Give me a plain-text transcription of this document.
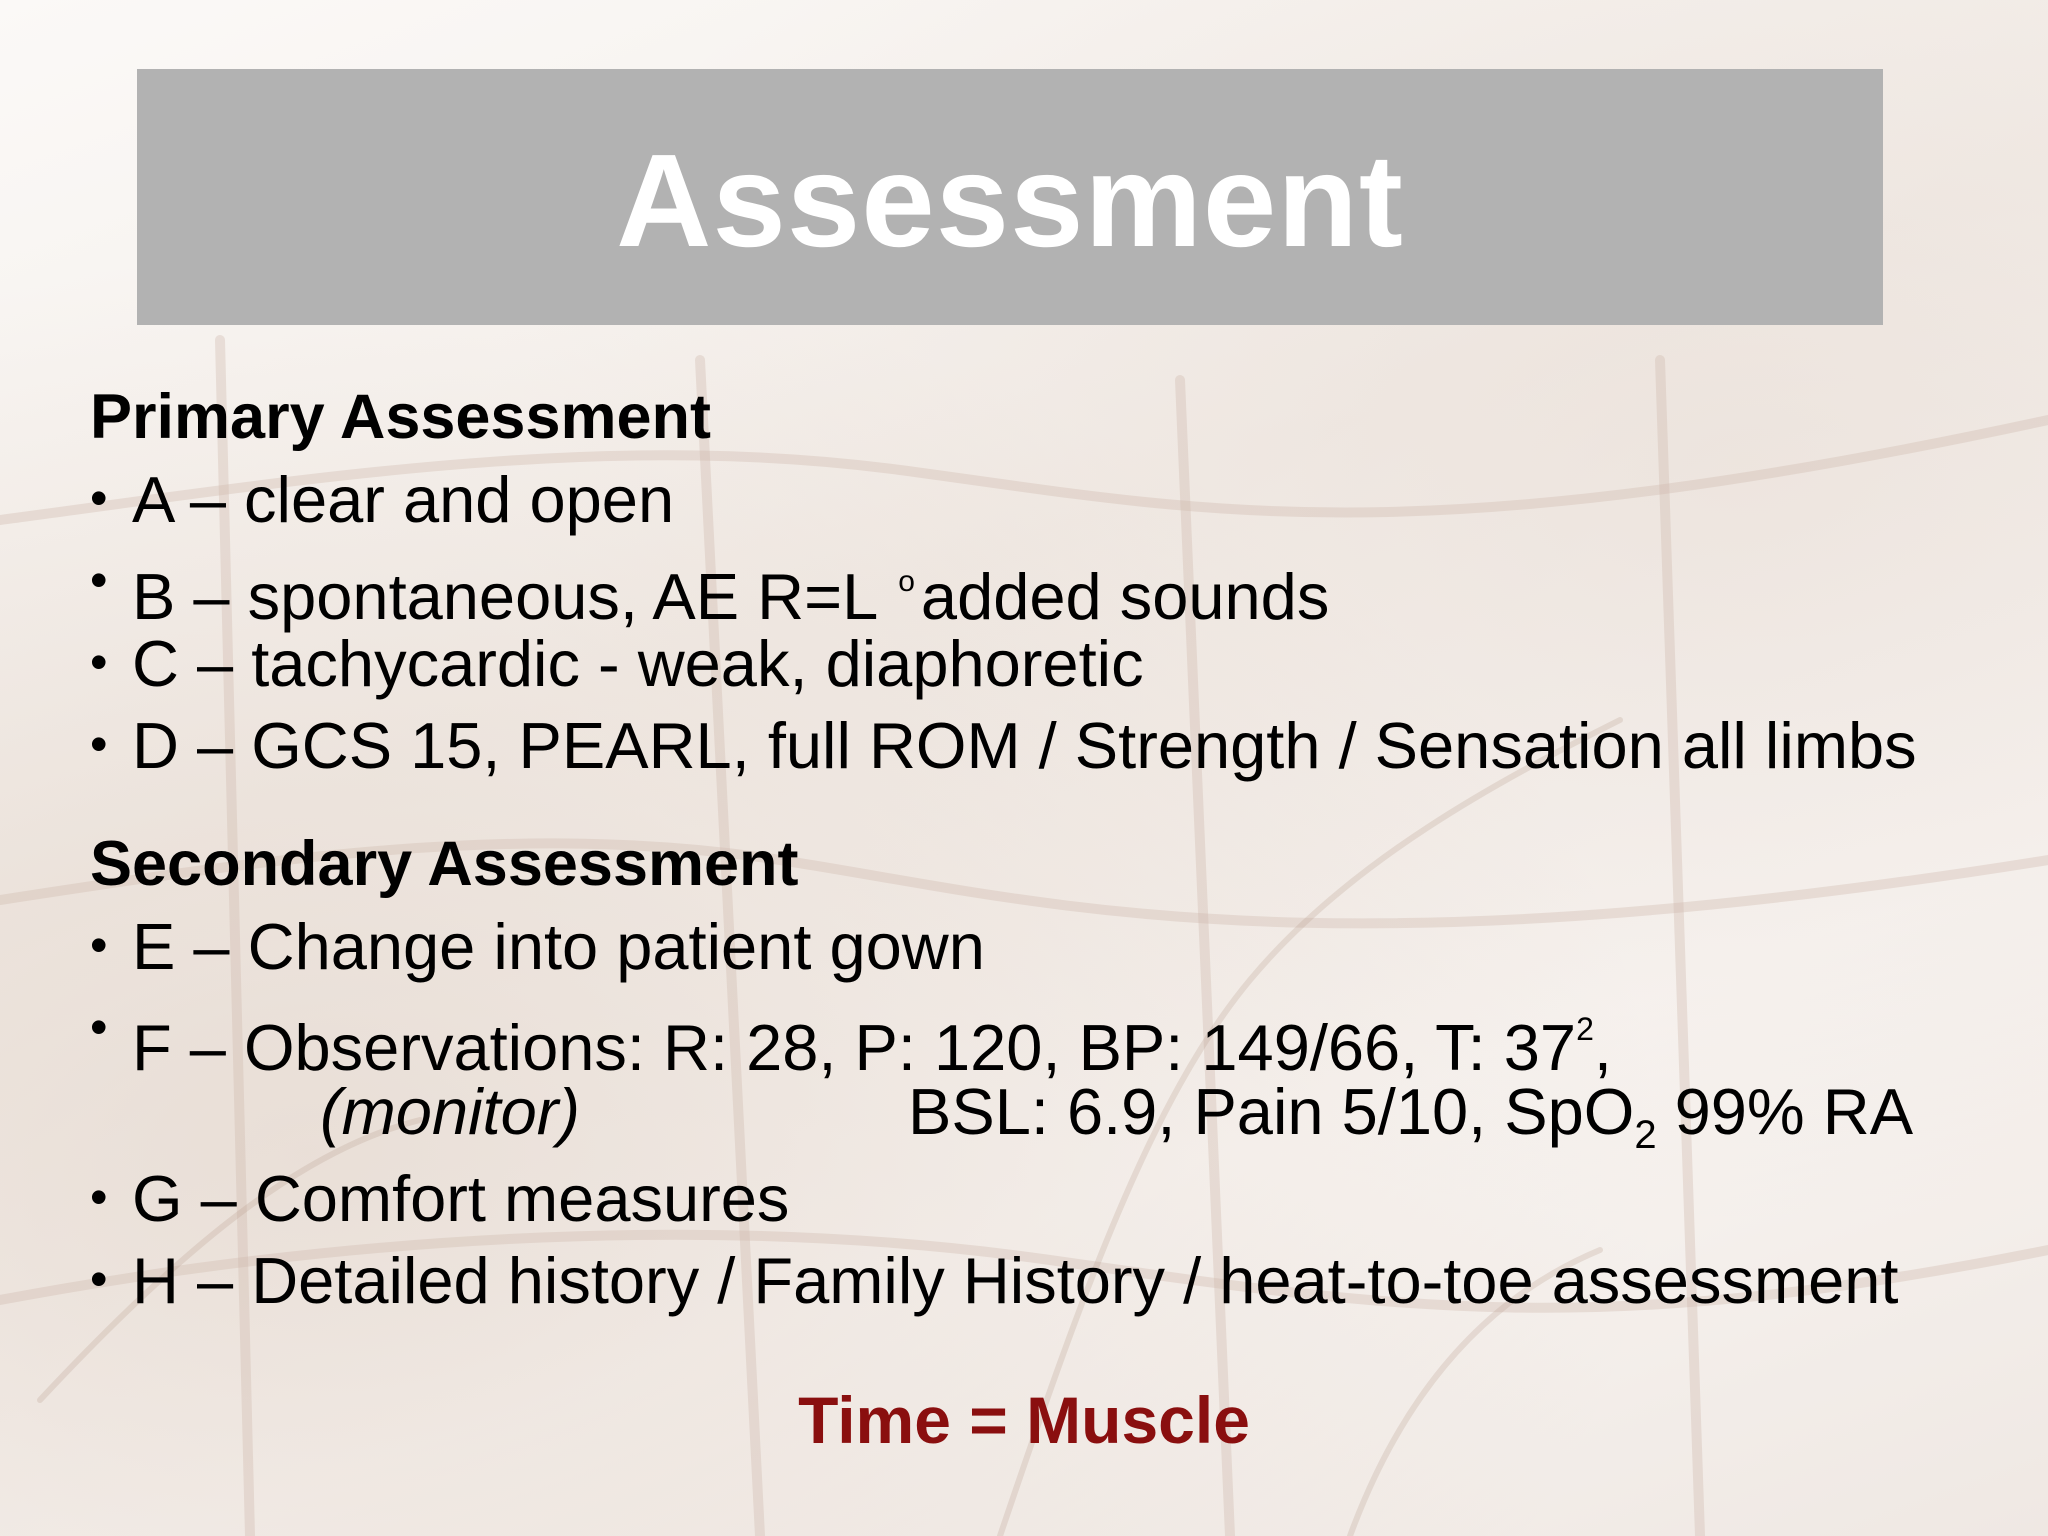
Assessment
Primary Assessment
• A – clear and open
• B – spontaneous, AE R=L $^o$added sounds
• C – tachycardic - weak, diaphoretic
• D – GCS 15, PEARL, full ROM / Strength / Sensation all limbs
Secondary Assessment
• E – Change into patient gown
• F – Observations: R: 28, P: 120, BP: 149/66, T: $37^2$,
(monitor)	BSL: 6.9, Pain 5/10, SpO$_2$ 99% RA
• G – Comfort measures
• H – Detailed history / Family History / heat-to-toe assessment
Time = Muscle
